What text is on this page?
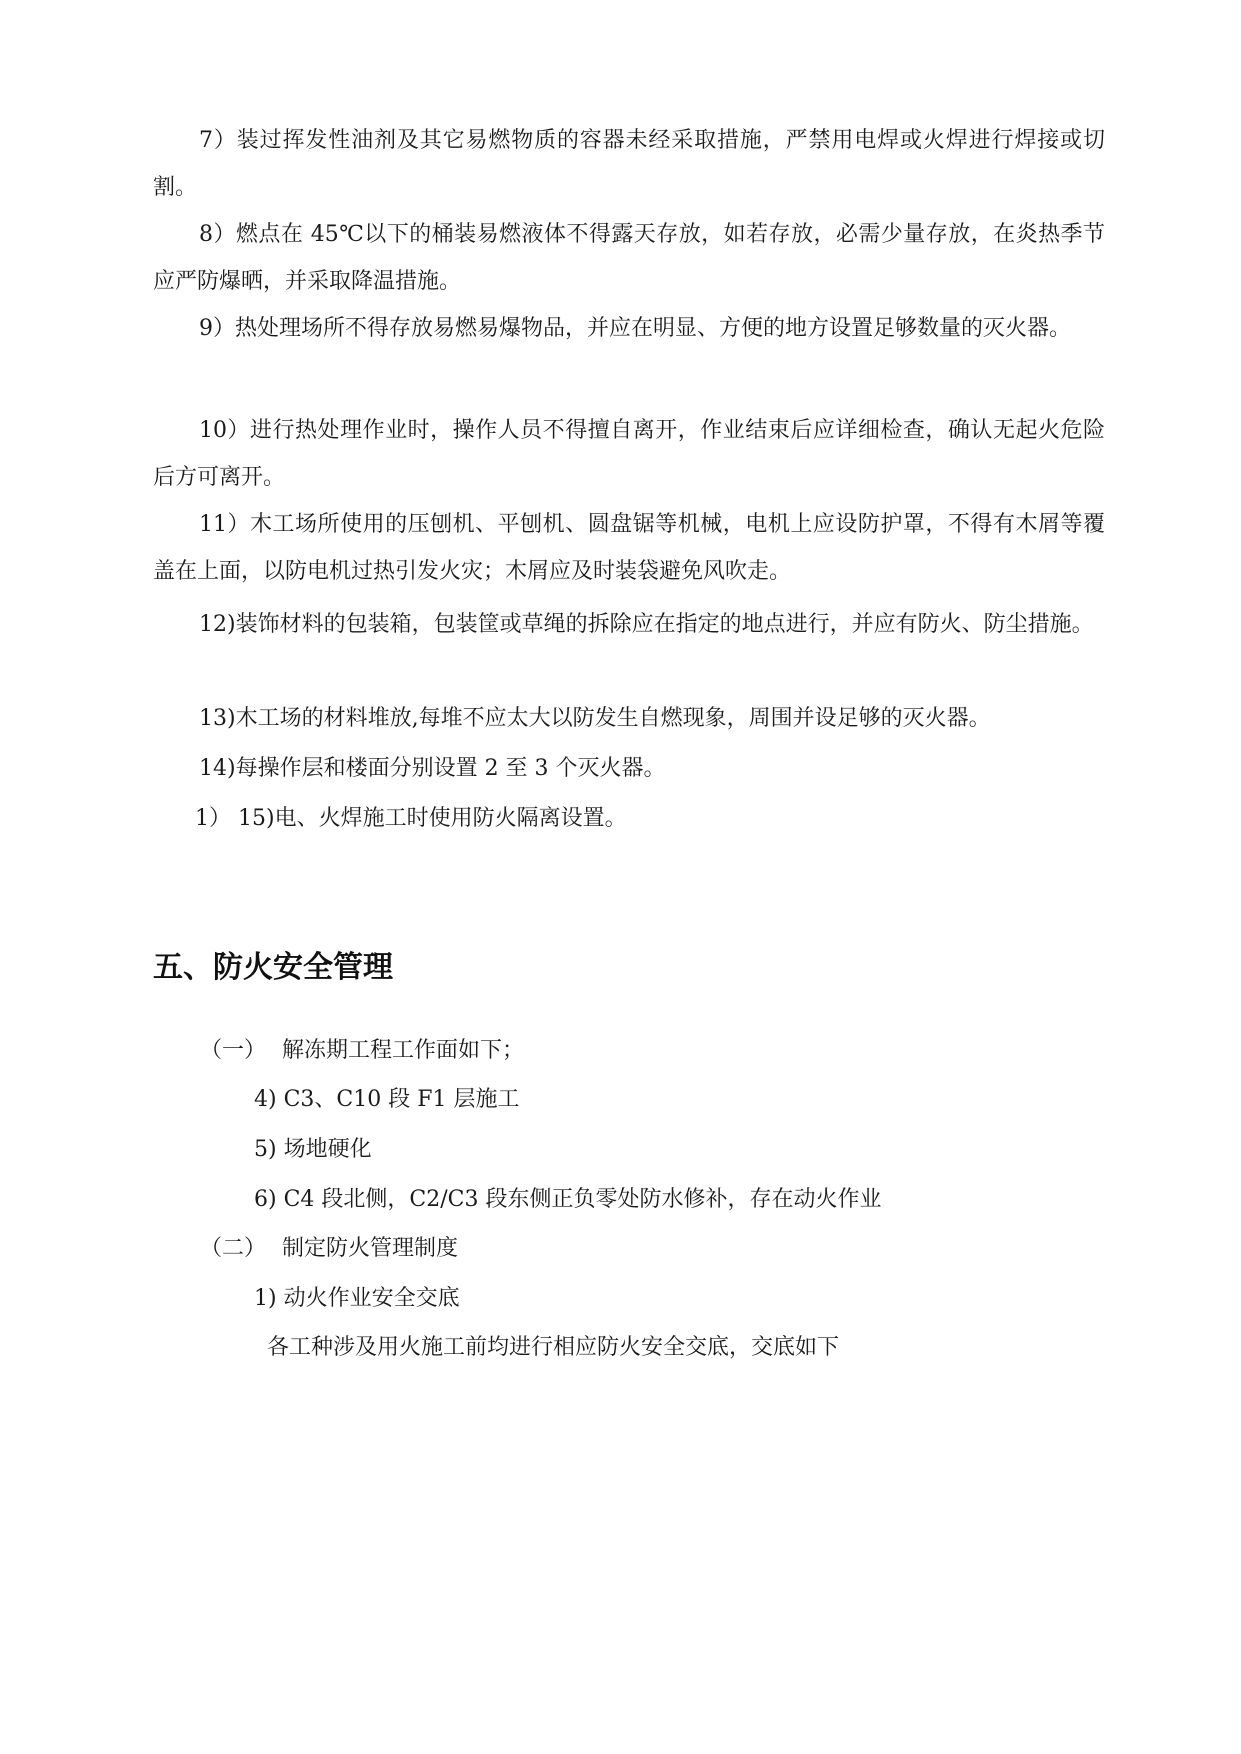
7）装过挥发性油剂及其它易燃物质的容器未经采取措施，严禁用电焊或火焊进行焊接或切割。

8）燃点在 45℃以下的桶装易燃液体不得露天存放，如若存放，必需少量存放，在炎热季节应严防爆晒，并采取降温措施。

9）热处理场所不得存放易燃易爆物品，并应在明显、方便的地方设置足够数量的灭火器。

10）进行热处理作业时，操作人员不得擅自离开，作业结束后应详细检查，确认无起火危险后方可离开。

11）木工场所使用的压刨机、平刨机、圆盘锯等机械，电机上应设防护罩，不得有木屑等覆盖在上面，以防电机过热引发火灾；木屑应及时装袋避免风吹走。

12)装饰材料的包装箱，包装筐或草绳的拆除应在指定的地点进行，并应有防火、防尘措施。

13)木工场的材料堆放,每堆不应太大以防发生自燃现象，周围并设足够的灭火器。

14)每操作层和楼面分别设置 2 至 3 个灭火器。

1） 15)电、火焊施工时使用防火隔离设置。
五、防火安全管理
（一） 解冻期工程工作面如下；
4) C3、C10 段 F1 层施工
5) 场地硬化
6) C4 段北侧，C2/C3 段东侧正负零处防水修补，存在动火作业
（二） 制定防火管理制度
1) 动火作业安全交底
各工种涉及用火施工前均进行相应防火安全交底，交底如下
